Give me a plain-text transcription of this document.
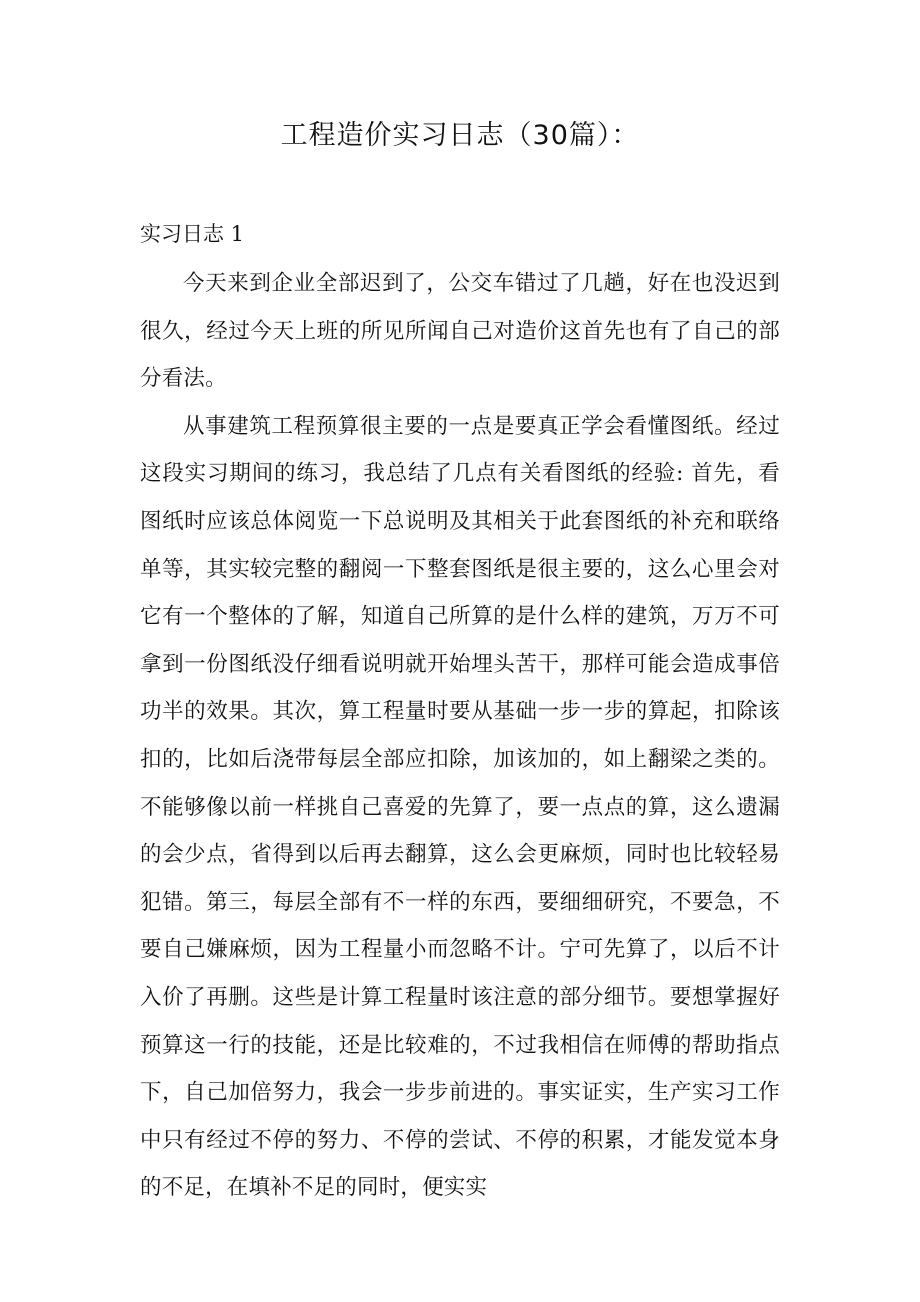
工程造价实习日志（30篇）：
实习日志 1

今天来到企业全部迟到了，公交车错过了几趟，好在也没迟到很久，经过今天上班的所见所闻自己对造价这首先也有了自己的部分看法。

从事建筑工程预算很主要的一点是要真正学会看懂图纸。经过这段实习期间的练习，我总结了几点有关看图纸的经验: 首先，看图纸时应该总体阅览一下总说明及其相关于此套图纸的补充和联络单等，其实较完整的翻阅一下整套图纸是很主要的，这么心里会对它有一个整体的了解，知道自己所算的是什么样的建筑，万万不可拿到一份图纸没仔细看说明就开始埋头苦干，那样可能会造成事倍功半的效果。其次，算工程量时要从基础一步一步的算起，扣除该扣的，比如后浇带每层全部应扣除，加该加的，如上翻梁之类的。不能够像以前一样挑自己喜爱的先算了，要一点点的算，这么遗漏的会少点，省得到以后再去翻算，这么会更麻烦，同时也比较轻易犯错。第三，每层全部有不一样的东西，要细细研究，不要急，不要自己嫌麻烦，因为工程量小而忽略不计。宁可先算了，以后不计入价了再删。这些是计算工程量时该注意的部分细节。要想掌握好预算这一行的技能，还是比较难的，不过我相信在师傅的帮助指点下，自己加倍努力，我会一步步前进的。事实证实，生产实习工作中只有经过不停的努力、不停的尝试、不停的积累，才能发觉本身的不足，在填补不足的同时，便实实
